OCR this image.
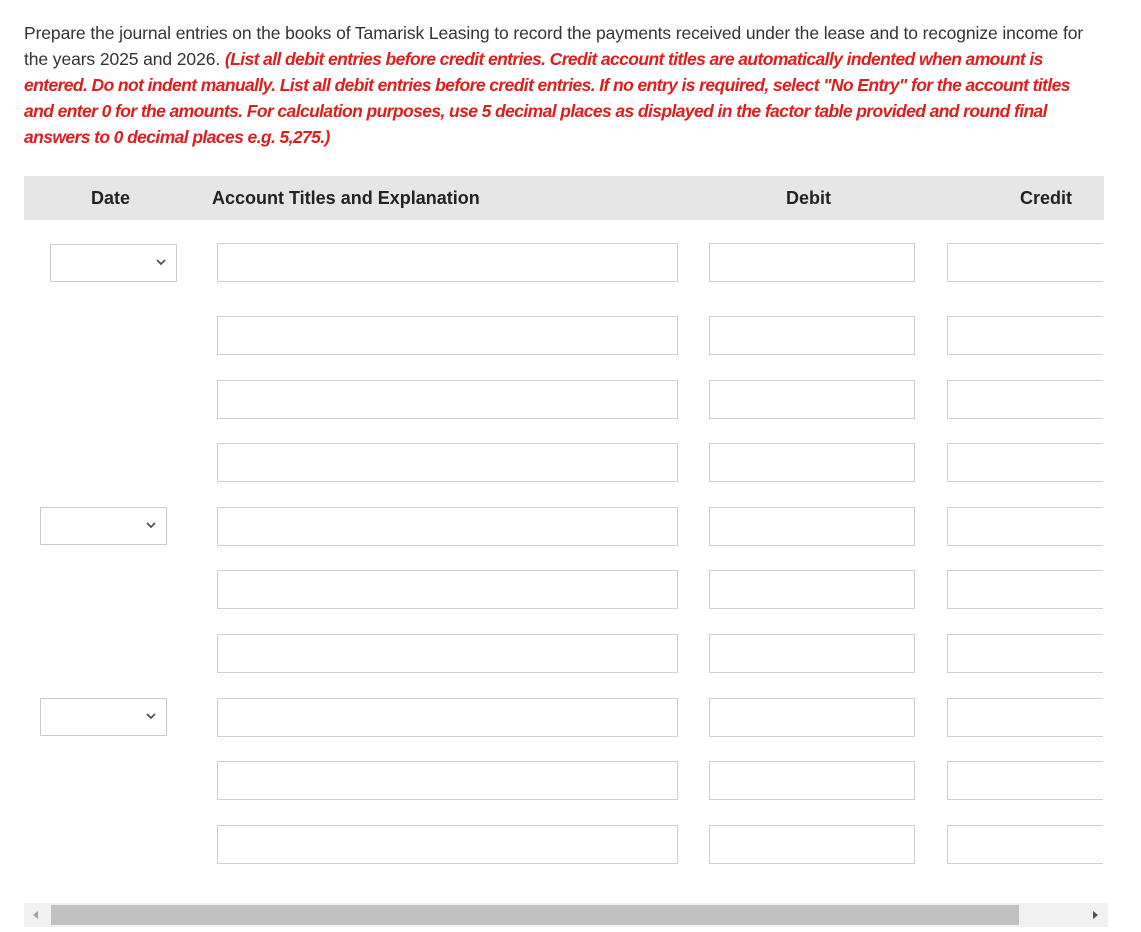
Prepare the journal entries on the books of Tamarisk Leasing to record the payments received under the lease and to recognize income for the years 2025 and 2026. (List all debit entries before credit entries. Credit account titles are automatically indented when amount is entered. Do not indent manually. List all debit entries before credit entries. If no entry is required, select "No Entry" for the account titles and enter 0 for the amounts. For calculation purposes, use 5 decimal places as displayed in the factor table provided and round final answers to 0 decimal places e.g. 5,275.)
Date	Account Titles and Explanation	Debit	Credit
